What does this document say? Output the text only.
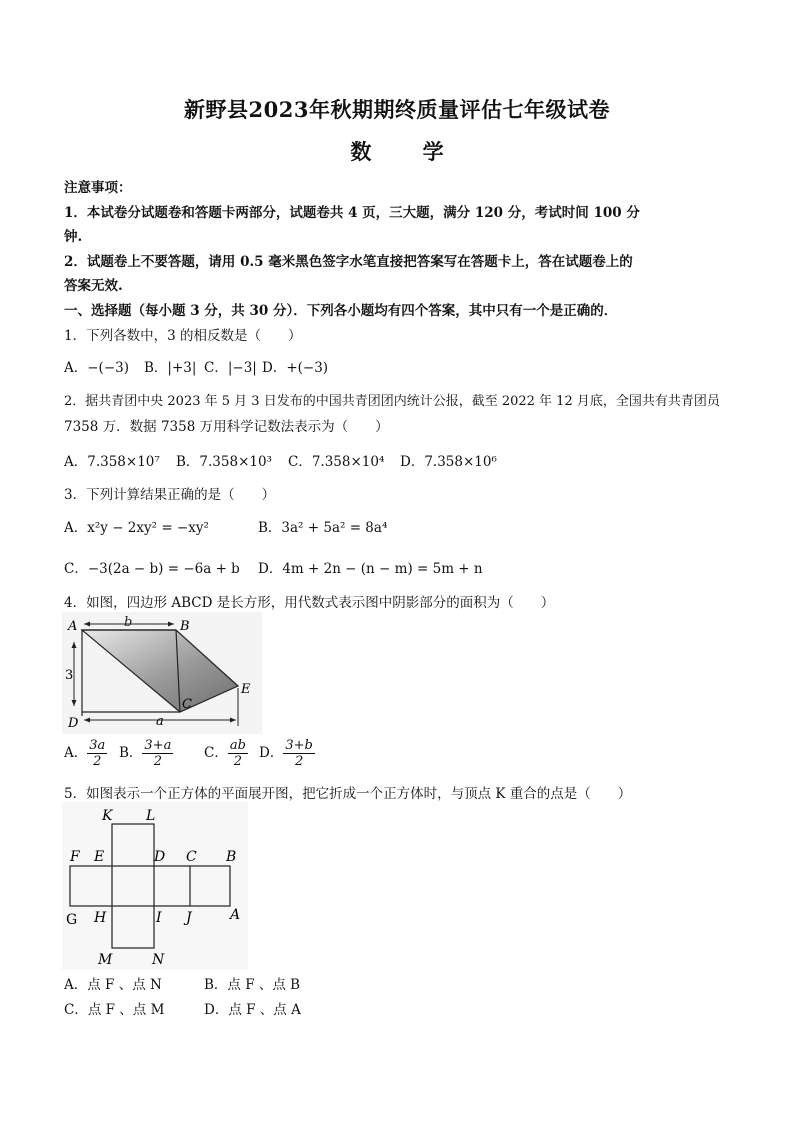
新野县2023年秋期期终质量评估七年级试卷
数 学
注意事项：
1．本试卷分试题卷和答题卡两部分，试题卷共 4 页，三大题，满分 120 分，考试时间 100 分
钟.
2．试题卷上不要答题，请用 0.5 毫米黑色签字水笔直接把答案写在答题卡上，答在试题卷上的
答案无效.
一、选择题（每小题 3 分，共 30 分）．下列各小题均有四个答案，其中只有一个是正确的．
1．下列各数中，3 的相反数是（　　）
A．−(−3) B．|+3| C．|−3| D．+(−3)
2．据共青团中央 2023 年 5 月 3 日发布的中国共青团团内统计公报，截至 2022 年 12 月底，全国共有共青团员
7358 万．数据 7358 万用科学记数法表示为（　　）
A．7.358×10⁷ B．7.358×10³ C．7.358×10⁴ D．7.358×10⁶
3．下列计算结果正确的是（　　）
A．x²y − 2xy² = −xy²	B．3a² + 5a² = 8a⁴
C．−3(2a − b) = −6a + b D．4m + 2n − (n − m) = 5m + n
4．如图，四边形 ABCD 是长方形，用代数式表示图中阴影部分的面积为（　　）
A	B
C
D
E
b
3
a
A． $\frac{3a}{2}$ B． $\frac{3+a}{2}$ C． $\frac{ab}{2}$ D． $\frac{3+b}{2}$
5．如图表示一个正方体的平面展开图，把它折成一个正方体时，与顶点 K 重合的点是（　　）
K L
F E	D C B
G H	I J	A
M	N
A．点 F 、点 N	B．点 F 、点 B
C．点 F 、点 M	D．点 F 、点 A
